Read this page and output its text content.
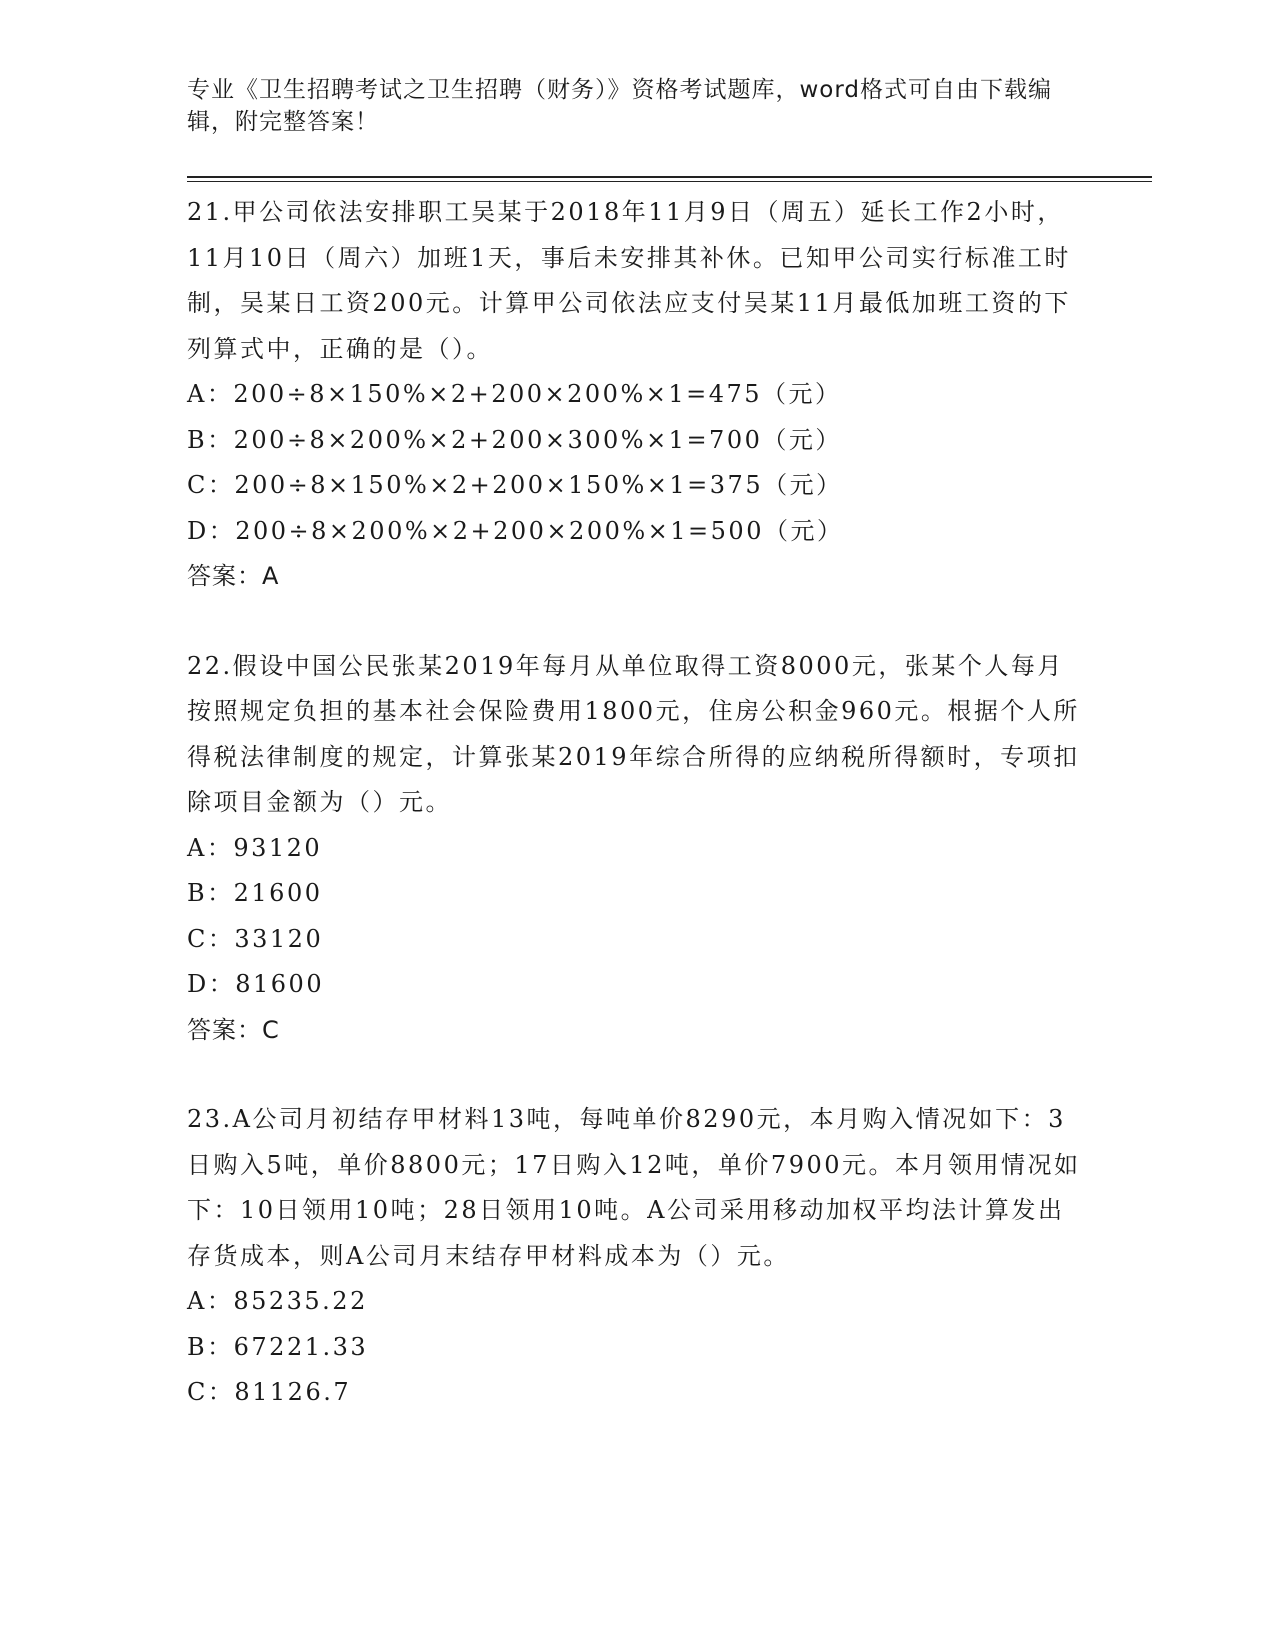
专业《卫生招聘考试之卫生招聘（财务）》资格考试题库，word格式可自由下载编辑，附完整答案！

21.甲公司依法安排职工吴某于2018年11月9日（周五）延长工作2小时，11月10日（周六）加班1天，事后未安排其补休。已知甲公司实行标准工时制，吴某日工资200元。计算甲公司依法应支付吴某11月最低加班工资的下列算式中，正确的是（）。

A：200÷8×150%×2+200×200%×1=475（元）

B：200÷8×200%×2+200×300%×1=700（元）

C：200÷8×150%×2+200×150%×1=375（元）

D：200÷8×200%×2+200×200%×1=500（元）

答案：A

22.假设中国公民张某2019年每月从单位取得工资8000元，张某个人每月按照规定负担的基本社会保险费用1800元，住房公积金960元。根据个人所得税法律制度的规定，计算张某2019年综合所得的应纳税所得额时，专项扣除项目金额为（）元。

A：93120

B：21600

C：33120

D：81600

答案：C

23.A公司月初结存甲材料13吨，每吨单价8290元，本月购入情况如下：3日购入5吨，单价8800元；17日购入12吨，单价7900元。本月领用情况如下：10日领用10吨；28日领用10吨。A公司采用移动加权平均法计算发出存货成本，则A公司月末结存甲材料成本为（）元。

A：85235.22

B：67221.33

C：81126.7
